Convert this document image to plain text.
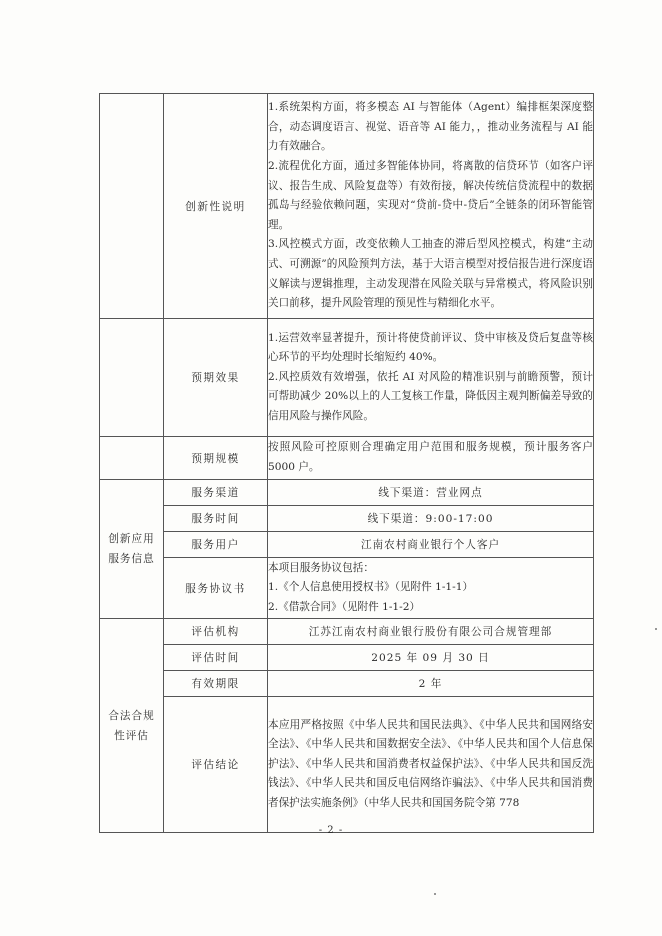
	创新性说明	1.系统架构方面，将多模态 AI 与智能体（Agent）编排框架深度整合，动态调度语言、视觉、语音等 AI 能力，，推动业务流程与 AI 能力有效融合。
2.流程优化方面，通过多智能体协同，将离散的信贷环节（如客户评议、报告生成、风险复盘等）有效衔接，解决传统信贷流程中的数据孤岛与经验依赖问题，实现对“贷前-贷中-贷后”全链条的闭环智能管理。
3.风控模式方面，改变依赖人工抽查的滞后型风控模式，构建“主动式、可溯源”的风险预判方法，基于大语言模型对授信报告进行深度语义解读与逻辑推理，主动发现潜在风险关联与异常模式，将风险识别关口前移，提升风险管理的预见性与精细化水平。

	预期效果	1.运营效率显著提升，预计将使贷前评议、贷中审核及贷后复盘等核心环节的平均处理时长缩短约 40%。
2.风控质效有效增强，依托 AI 对风险的精准识别与前瞻预警，预计可帮助减少 20%以上的人工复核工作量，降低因主观判断偏差导致的信用风险与操作风险。

	预期规模	按照风险可控原则合理确定用户范围和服务规模，预计服务客户 5000 户。

创新应用服务信息	服务渠道	线下渠道：营业网点
	服务时间	线下渠道：9:00-17:00
	服务用户	江南农村商业银行个人客户
	服务协议书	本项目服务协议包括：
1.《个人信息使用授权书》（见附件 1-1-1）
2.《借款合同》（见附件 1-1-2）

合法合规性评估	评估机构	江苏江南农村商业银行股份有限公司合规管理部
	评估时间	2025 年 09 月 30 日
	有效期限	2 年
	评估结论	本应用严格按照《中华人民共和国民法典》、《中华人民共和国网络安全法》、《中华人民共和国数据安全法》、《中华人民共和国个人信息保护法》、《中华人民共和国消费者权益保护法》、《中华人民共和国反洗钱法》、《中华人民共和国反电信网络诈骗法》、《中华人民共和国消费者保护法实施条例》（中华人民共和国国务院令第 778
- 2 -
